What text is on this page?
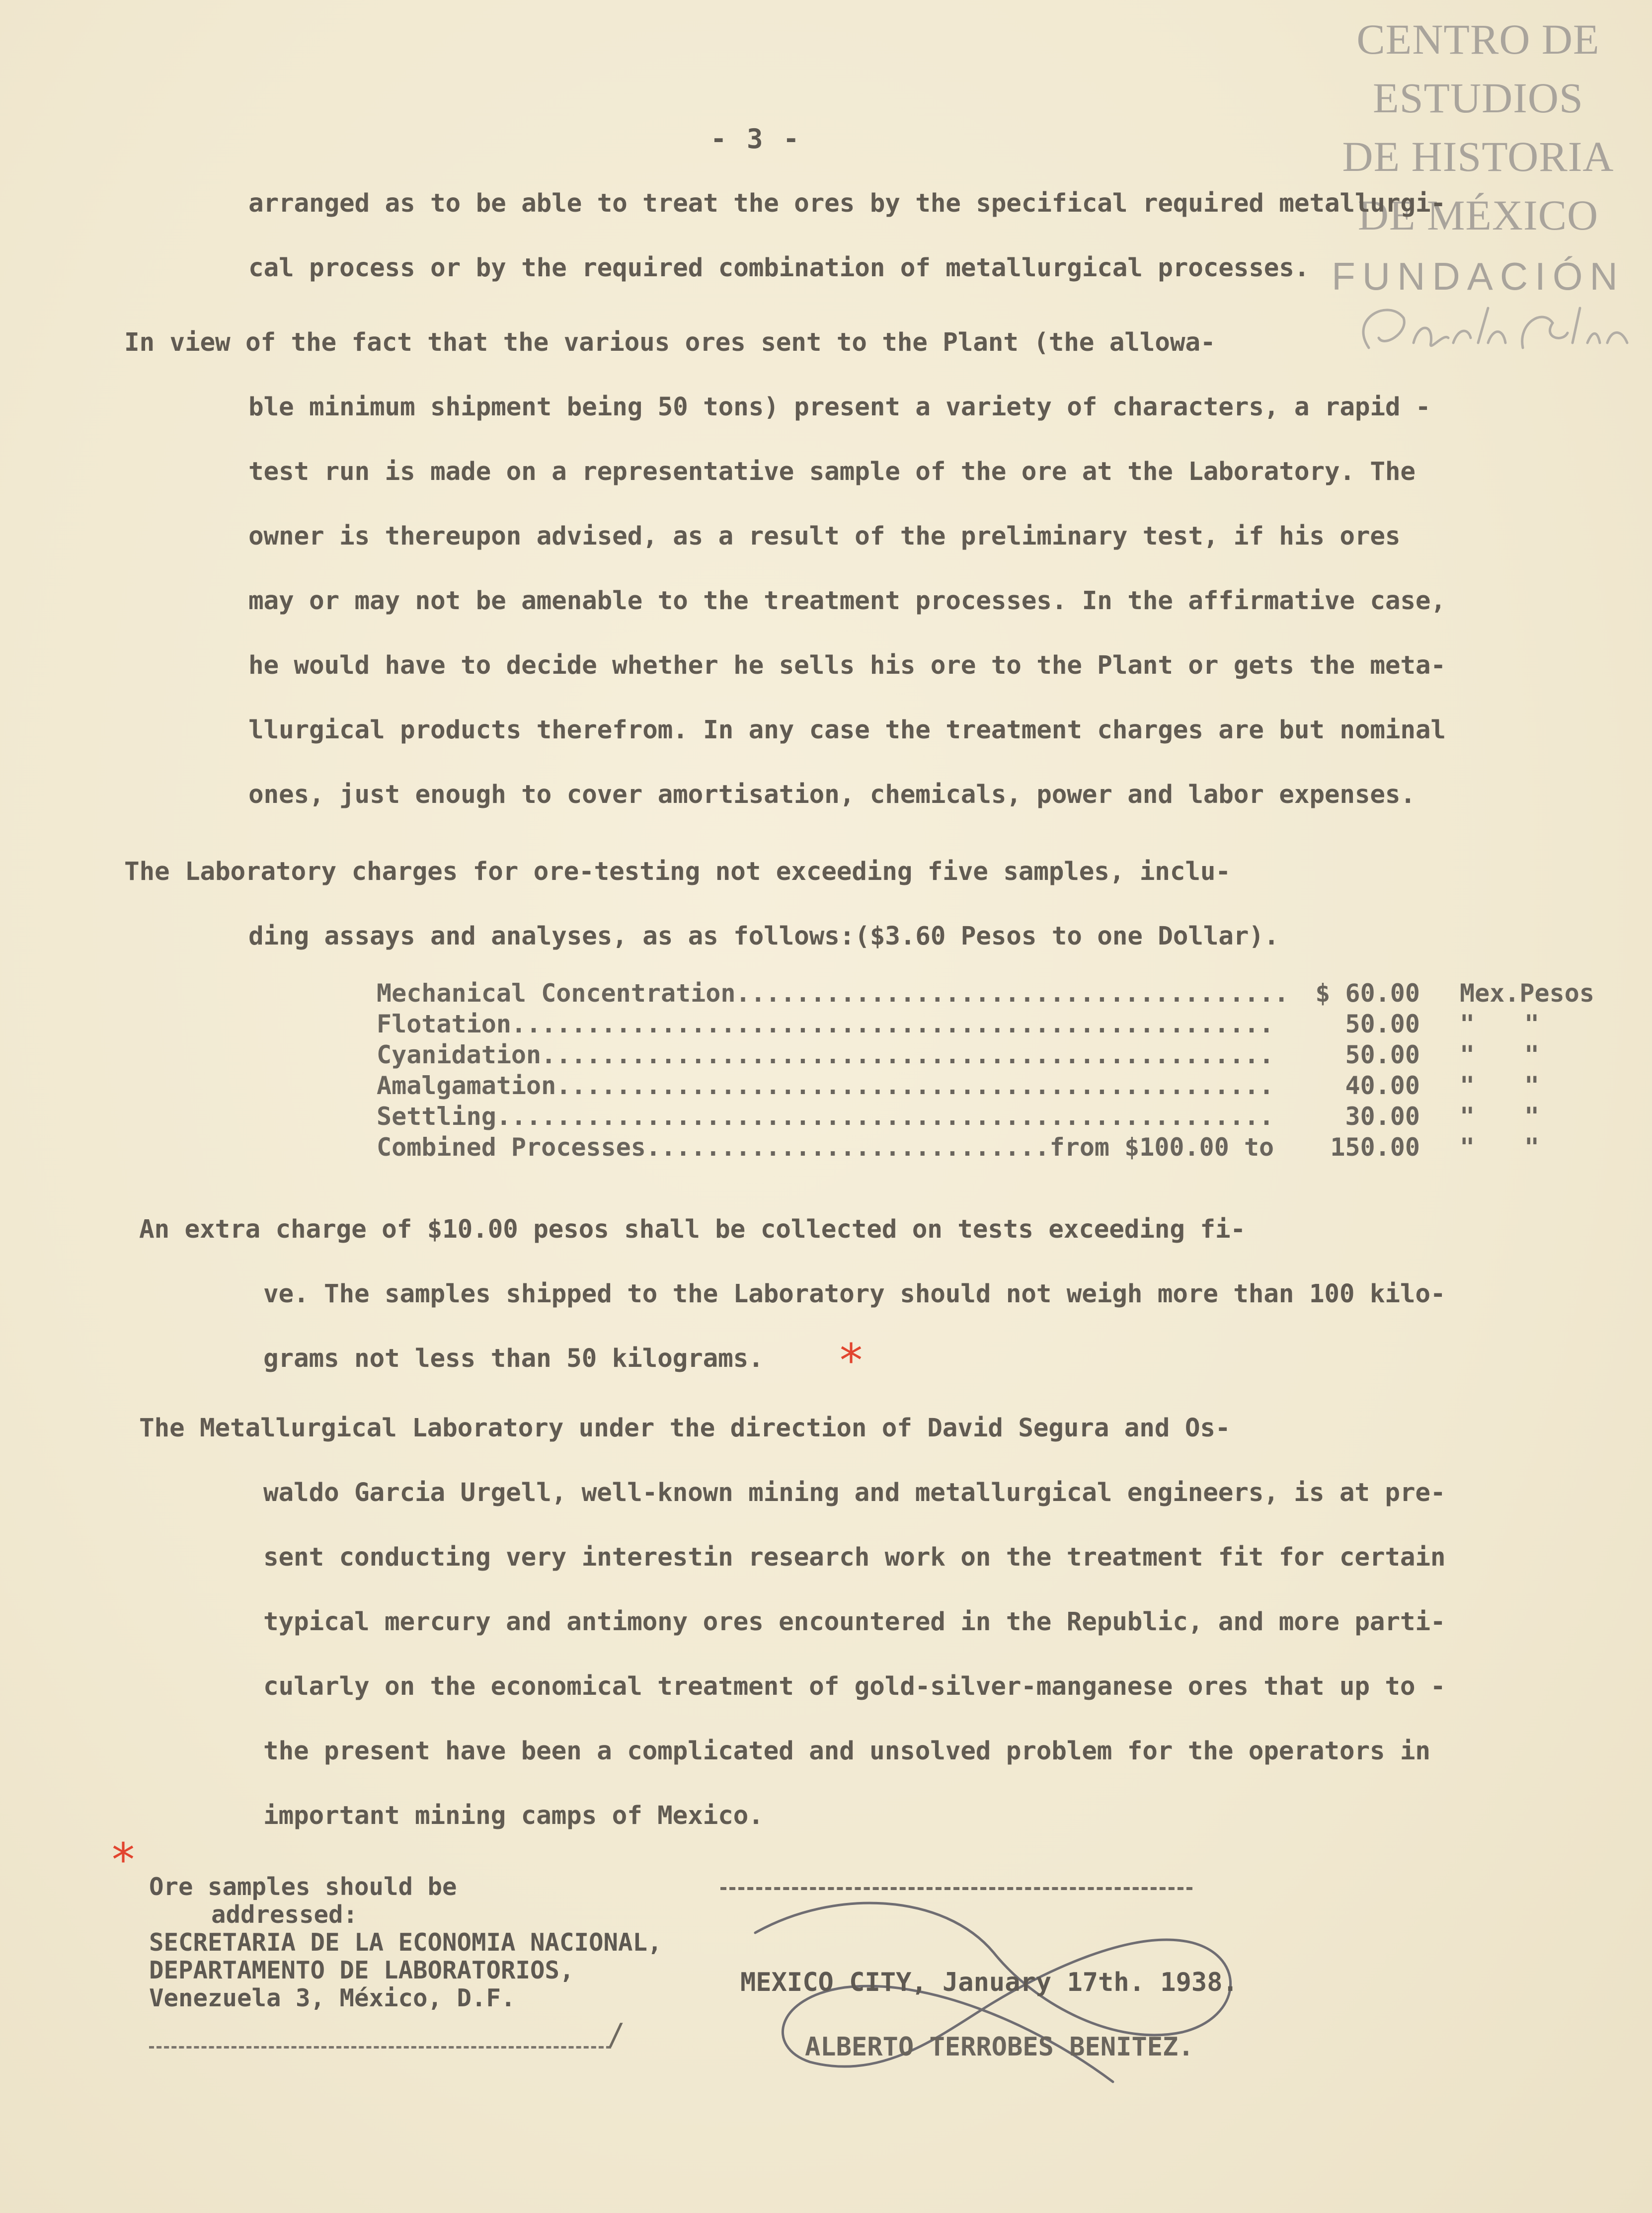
CENTRO DE
ESTUDIOS
DE HISTORIA
DE MÉXICO
FUNDACIÓN
- 3 -
arranged as to be able to treat the ores by the specifical required metallurgi-
cal process or by the required combination of metallurgical processes.
In view of the fact that the various ores sent to the Plant (the allowa-
ble minimum shipment being 50 tons) present a variety of characters, a rapid -
test run is made on a representative sample of the ore at the Laboratory. The
owner is thereupon advised, as a result of the preliminary test, if his ores
may or may not be amenable to the treatment processes. In the affirmative case,
he would have to decide whether he sells his ore to the Plant or gets the meta-
llurgical products therefrom. In any case the treatment charges are but nominal
ones, just enough to cover amortisation, chemicals, power and labor expenses.
The Laboratory charges for ore-testing not exceeding five samples, inclu-
ding assays and analyses, as as follows:($3.60 Pesos to one Dollar).
Mechanical Concentration..................................... $ 60.00 Mex.Pesos
Flotation...................................................	50.00 " "
Cyanidation.................................................	50.00 " "
Amalgamation................................................	40.00 " "
Settling....................................................	30.00 " "
Combined Processes...........................from $100.00 to 150.00 " "
An extra charge of $10.00 pesos shall be collected on tests exceeding fi-
ve. The samples shipped to the Laboratory should not weigh more than 100 kilo-
grams not less than 50 kilograms.
The Metallurgical Laboratory under the direction of David Segura and Os-
waldo Garcia Urgell, well-known mining and metallurgical engineers, is at pre-
sent conducting very interestin research work on the treatment fit for certain
typical mercury and antimony ores encountered in the Republic, and more parti-
cularly on the economical treatment of gold-silver-manganese ores that up to -
the present have been a complicated and unsolved problem for the operators in
important mining camps of Mexico.
*
*
Ore samples should be
addressed:
SECRETARIA DE LA ECONOMIA NACIONAL,
DEPARTAMENTO DE LABORATORIOS,
Venezuela 3, México, D.F.
/
MEXICO CITY, January 17th. 1938.
ALBERTO TERROBES BENITEZ.
